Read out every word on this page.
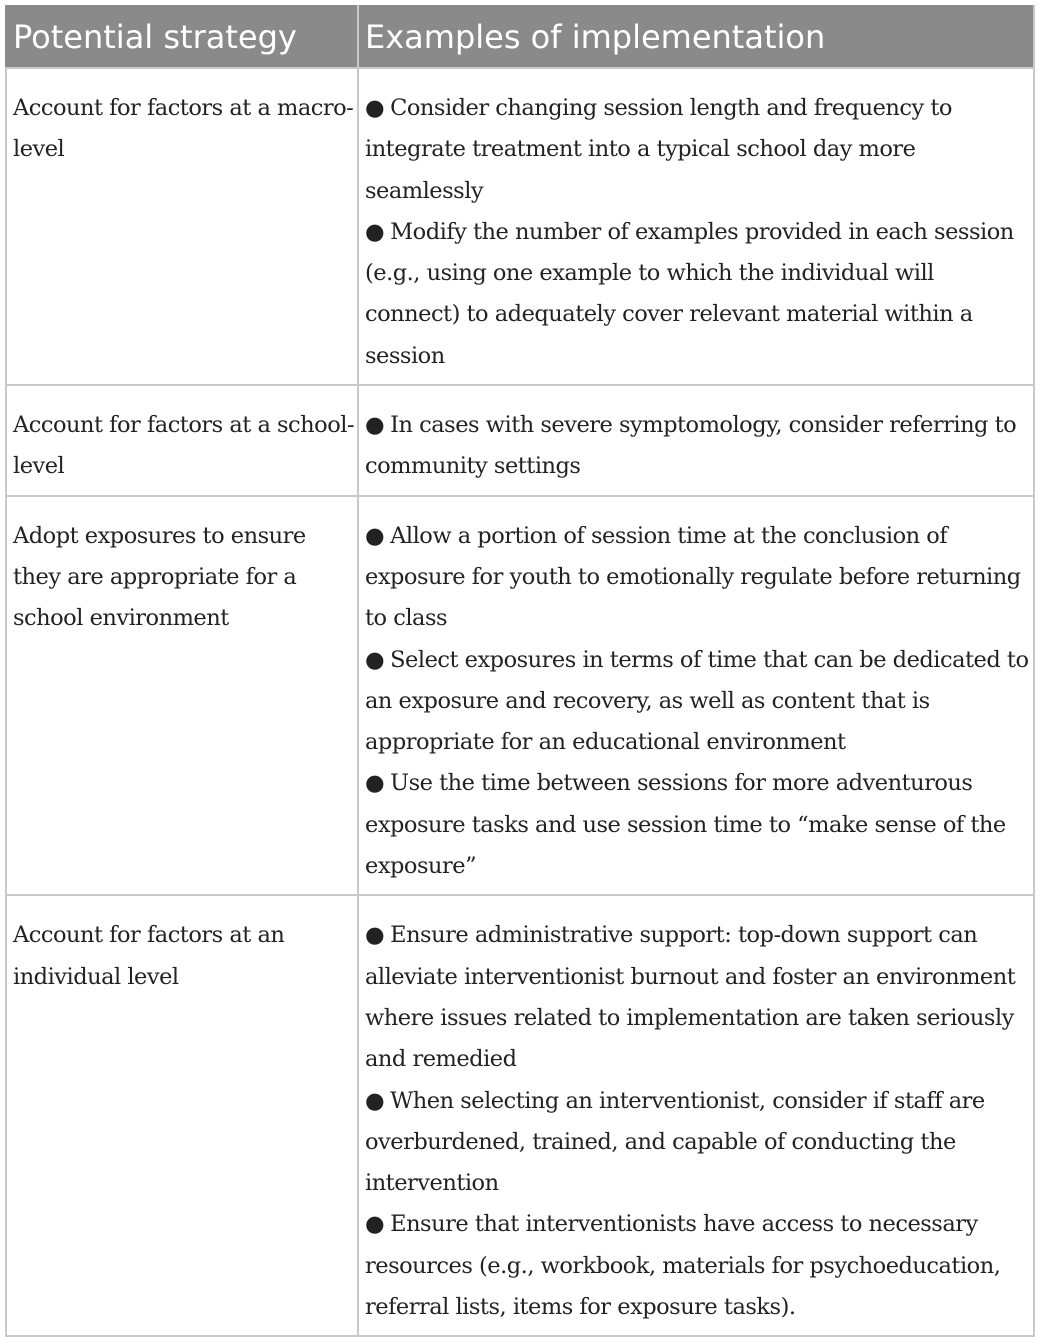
Potential strategy	Examples of implementation
Account for factors at a macro-level	● Consider changing session length and frequency to integrate treatment into a typical school day more seamlessly
● Modify the number of examples provided in each session (e.g., using one example to which the individual will connect) to adequately cover relevant material within a session

Account for factors at a school-level	● In cases with severe symptomology, consider referring to community settings

Adopt exposures to ensure they are appropriate for a school environment	● Allow a portion of session time at the conclusion of exposure for youth to emotionally regulate before returning to class
● Select exposures in terms of time that can be dedicated to an exposure and recovery, as well as content that is appropriate for an educational environment
● Use the time between sessions for more adventurous exposure tasks and use session time to “make sense of the exposure”

Account for factors at an individual level	● Ensure administrative support: top-down support can alleviate interventionist burnout and foster an environment where issues related to implementation are taken seriously and remedied
● When selecting an interventionist, consider if staff are overburdened, trained, and capable of conducting the intervention
● Ensure that interventionists have access to necessary resources (e.g., workbook, materials for psychoeducation, referral lists, items for exposure tasks).
